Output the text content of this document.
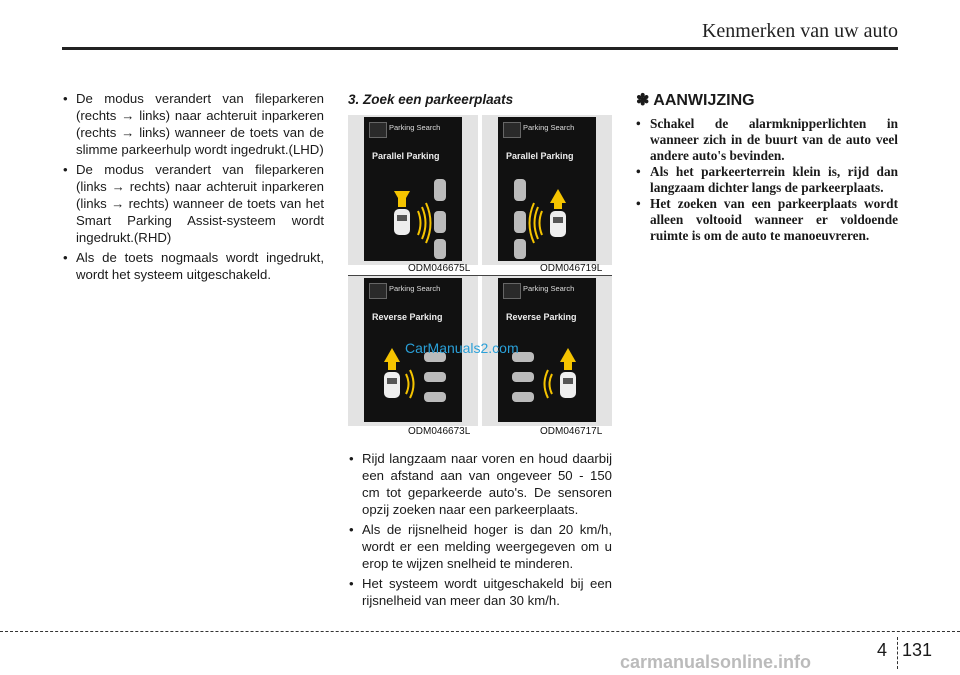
Kenmerken van uw auto
• De modus verandert van fileparkeren (rechts → links) naar achteruit inparkeren (rechts → links) wanneer de toets van de slimme parkeerhulp wordt ingedrukt.(LHD)
• De modus verandert van fileparkeren (links → rechts) naar achteruit inparkeren (links → rechts) wanneer de toets van het Smart Parking Assist-systeem wordt ingedrukt.(RHD)
• Als de toets nogmaals wordt ingedrukt, wordt het systeem uitgeschakeld.
3. Zoek een parkeerplaats
Parking Search
Parallel Parking
Parking Search
Parallel Parking
ODM046675L	ODM046719L
Parking Search
Reverse Parking
Parking Search
Reverse Parking
ODM046673L	ODM046717L
CarManuals2.com
• Rijd langzaam naar voren en houd daarbij een afstand aan van ongeveer 50 - 150 cm tot geparkeerde auto's. De sensoren opzij zoeken naar een parkeerplaats.
• Als de rijsnelheid hoger is dan 20 km/h, wordt er een melding weergegeven om u erop te wijzen snelheid te minderen.
• Het systeem wordt uitgeschakeld bij een rijsnelheid van meer dan 30 km/h.
✽ AANWIJZING
• Schakel de alarmknipperlichten in wanneer zich in de buurt van de auto veel andere auto's bevinden.
• Als het parkeerterrein klein is, rijd dan langzaam dichter langs de parkeerplaats.
• Het zoeken van een parkeerplaats wordt alleen voltooid wanneer er voldoende ruimte is om de auto te manoeuvreren.
4 131
carmanualsonline.info
